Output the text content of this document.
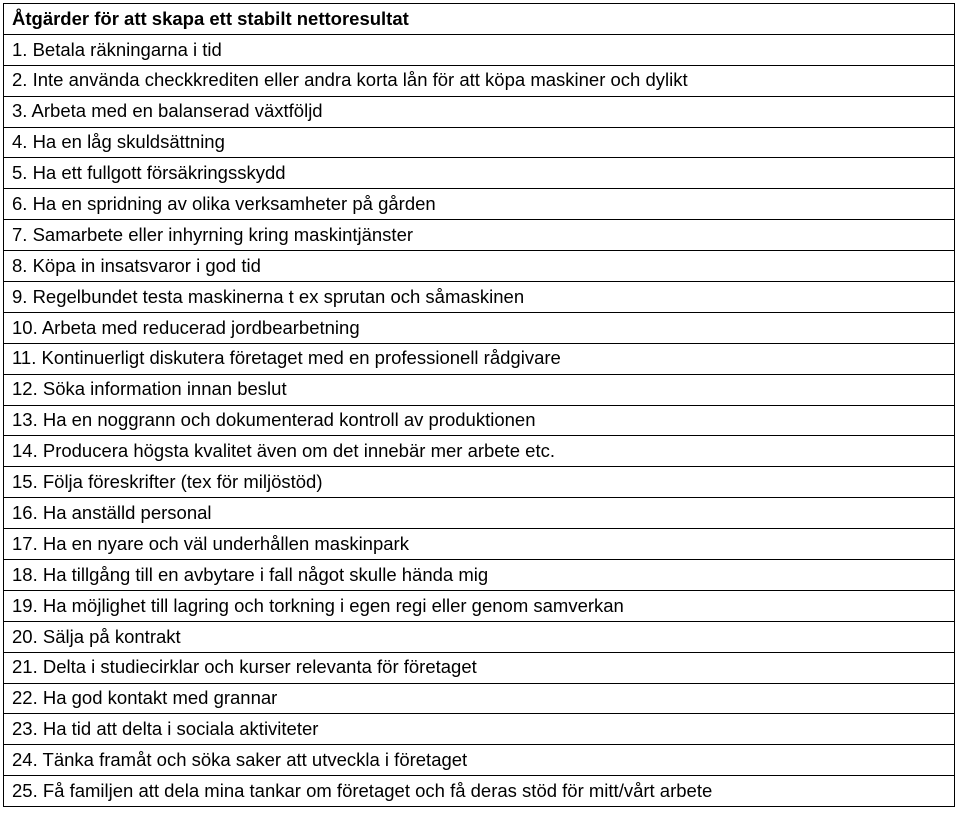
Åtgärder för att skapa ett stabilt nettoresultat
1. Betala räkningarna i tid
2. Inte använda checkkrediten eller andra korta lån för att köpa maskiner och dylikt
3. Arbeta med en balanserad växtföljd
4. Ha en låg skuldsättning
5. Ha ett fullgott försäkringsskydd
6. Ha en spridning av olika verksamheter på gården
7. Samarbete eller inhyrning kring maskintjänster
8. Köpa in insatsvaror i god tid
9. Regelbundet testa maskinerna t ex sprutan och såmaskinen
10. Arbeta med reducerad jordbearbetning
11. Kontinuerligt diskutera företaget med en professionell rådgivare
12. Söka information innan beslut
13. Ha en noggrann och dokumenterad kontroll av produktionen
14. Producera högsta kvalitet även om det innebär mer arbete etc.
15. Följa föreskrifter (tex för miljöstöd)
16. Ha anställd personal
17. Ha en nyare och väl underhållen maskinpark
18. Ha tillgång till en avbytare i fall något skulle hända mig
19. Ha möjlighet till lagring och torkning i egen regi eller genom samverkan
20. Sälja på kontrakt
21. Delta i studiecirklar och kurser relevanta för företaget
22. Ha god kontakt med grannar
23. Ha tid att delta i sociala aktiviteter
24. Tänka framåt och söka saker att utveckla i företaget
25. Få familjen att dela mina tankar om företaget och få deras stöd för mitt/vårt arbete
